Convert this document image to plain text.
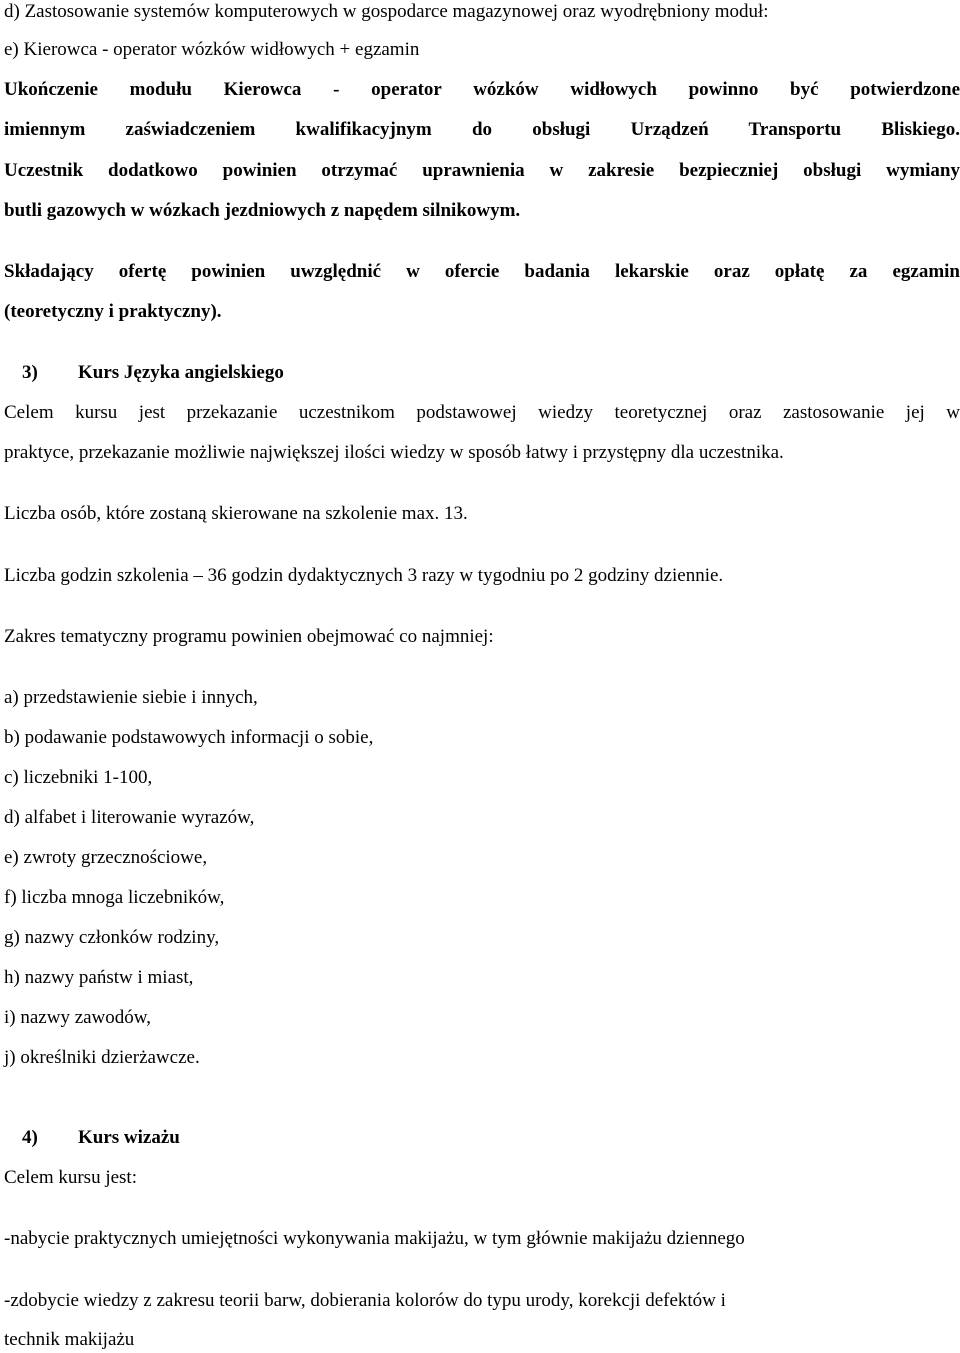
d) Zastosowanie systemów komputerowych w gospodarce magazynowej oraz wyodrębniony moduł:
e) Kierowca - operator wózków widłowych + egzamin
Ukończenie modułu Kierowca - operator wózków widłowych powinno być potwierdzone
imiennym zaświadczeniem kwalifikacyjnym do obsługi Urządzeń Transportu Bliskiego.
Uczestnik dodatkowo powinien otrzymać uprawnienia w zakresie bezpieczniej obsługi wymiany
butli gazowych w wózkach jezdniowych z napędem silnikowym.
Składający ofertę powinien uwzględnić w ofercie badania lekarskie oraz opłatę za egzamin
(teoretyczny i praktyczny).
3) Kurs Języka angielskiego
Celem kursu jest przekazanie uczestnikom podstawowej wiedzy teoretycznej oraz zastosowanie jej w
praktyce, przekazanie możliwie największej ilości wiedzy w sposób łatwy i przystępny dla uczestnika.
Liczba osób, które zostaną skierowane na szkolenie max. 13.
Liczba godzin szkolenia – 36 godzin dydaktycznych 3 razy w tygodniu po 2 godziny dziennie.
Zakres tematyczny programu powinien obejmować co najmniej:
a) przedstawienie siebie i innych,
b) podawanie podstawowych informacji o sobie,
c) liczebniki 1-100,
d) alfabet i literowanie wyrazów,
e) zwroty grzecznościowe,
f) liczba mnoga liczebników,
g) nazwy członków rodziny,
h) nazwy państw i miast,
i) nazwy zawodów,
j) określniki dzierżawcze.
4) Kurs wizażu
Celem kursu jest:
-nabycie praktycznych umiejętności wykonywania makijażu, w tym głównie makijażu dziennego
-zdobycie wiedzy z zakresu teorii barw, dobierania kolorów do typu urody, korekcji defektów i
technik makijażu
